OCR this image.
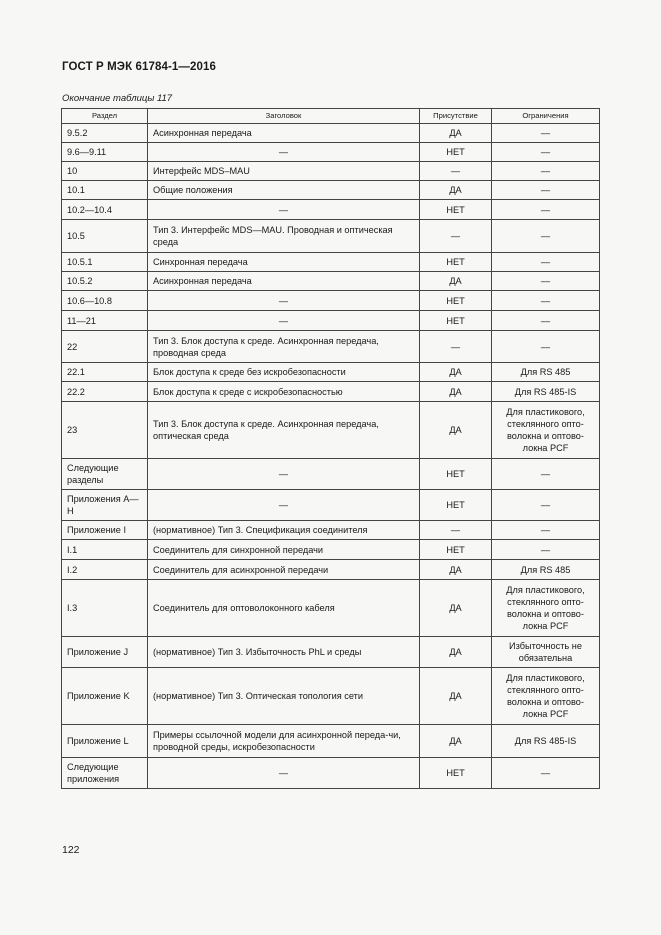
ГОСТ Р МЭК 61784-1—2016
Окончание таблицы 117
Раздел	Заголовок	Присутствие	Ограничения
9.5.2	Асинхронная передача	ДА	—
9.6—9.11	—	НЕТ	—
10	Интерфейс MDS–MAU	—	—
10.1	Общие положения	ДА	—
10.2—10.4	—	НЕТ	—
10.5	Тип 3. Интерфейс MDS—MAU. Проводная и оптическая среда	—	—
10.5.1	Синхронная передача	НЕТ	—
10.5.2	Асинхронная передача	ДА	—
10.6—10.8	—	НЕТ	—
11—21	—	НЕТ	—
22	Тип 3. Блок доступа к среде. Асинхронная передача, проводная среда	—	—
22.1	Блок доступа к среде без искробезопасности	ДА	Для RS 485
22.2	Блок доступа к среде с искробезопасностью	ДА	Для RS 485-IS
23	Тип 3. Блок доступа к среде. Асинхронная передача, оптическая среда	ДА	Для пластикового, стеклянного опто-волокна и оптово-локна PCF
Следующие разделы	—	НЕТ	—
Приложения А—Н	—	НЕТ	—
Приложение I	(нормативное) Тип 3. Спецификация соединителя	—	—
I.1	Соединитель для синхронной передачи	НЕТ	—
I.2	Соединитель для асинхронной передачи	ДА	Для RS 485
I.3	Соединитель для оптоволоконного кабеля	ДА	Для пластикового, стеклянного опто-волокна и оптово-локна PCF
Приложение J	(нормативное) Тип 3. Избыточность PhL и среды	ДА	Избыточность не обязательна
Приложение K	(нормативное) Тип 3. Оптическая топология сети	ДА	Для пластикового, стеклянного опто-волокна и оптово-локна PCF
Приложение L	Примеры ссылочной модели для асинхронной переда-чи, проводной среды, искробезопасности	ДА	Для RS 485-IS
Следующие приложения	—	НЕТ	—
122
